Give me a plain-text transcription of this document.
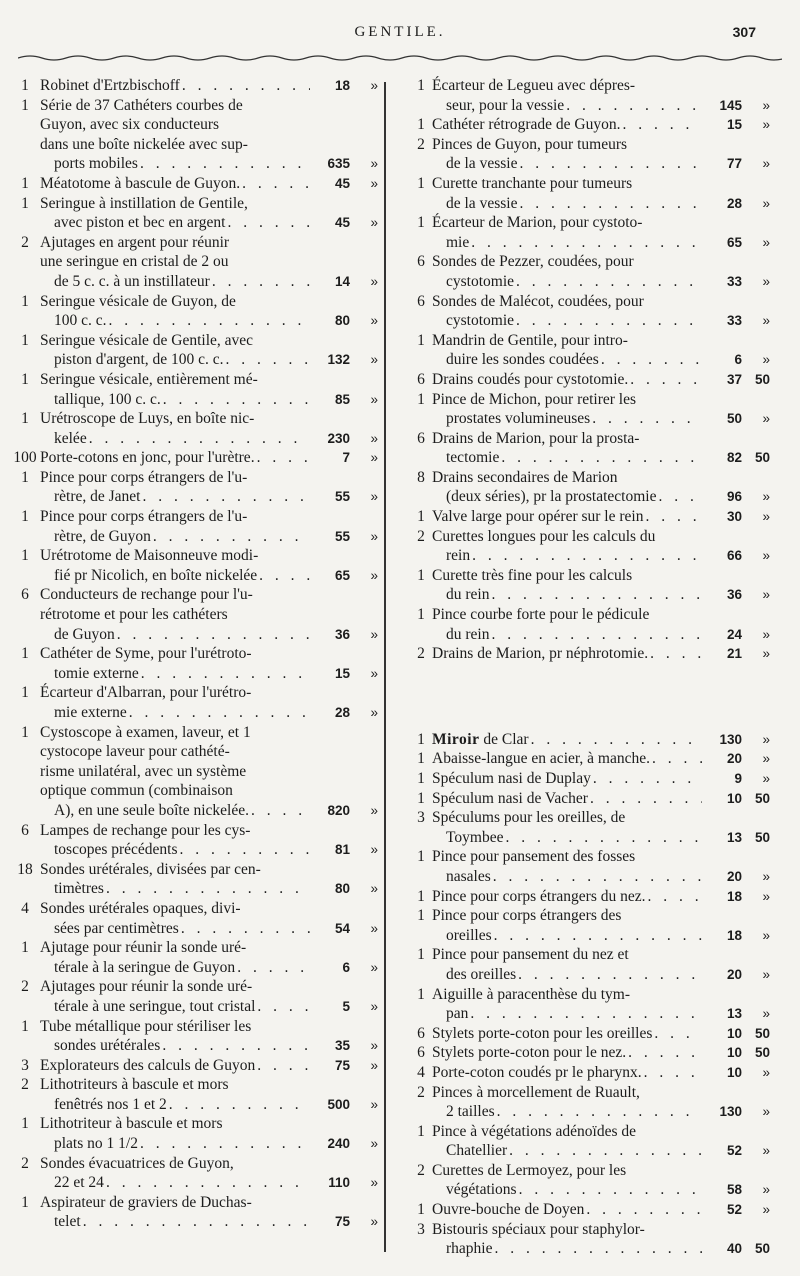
GENTILE.	307
1 Robinet d'Ertzbischoff . . .	18	»
1 Série de 37 Cathéters courbes de
Guyon, avec six conducteurs
dans une boîte nickelée avec sup-
ports mobiles . . .	635	»
1 Méatotome à bascule de Guyon. . . .	45	»
1 Seringue à instillation de Gentile,
avec piston et bec en argent . . .	45	»
2 Ajutages en argent pour réunir
une seringue en cristal de 2 ou
de 5 c. c. à un instillateur . . .	14	»
1 Seringue vésicale de Guyon, de
100 c. c. . . .	80	»
1 Seringue vésicale de Gentile, avec
piston d'argent, de 100 c. c. . . .	132	»
1 Seringue vésicale, entièrement mé-
tallique, 100 c. c. . . .	85	»
1 Urétroscope de Luys, en boîte nic-
kelée . . .	230	»
100 Porte-cotons en jonc, pour l'urètre. . . .	7	»
1 Pince pour corps étrangers de l'u-
rètre, de Janet . . .	55	»
1 Pince pour corps étrangers de l'u-
rètre, de Guyon . . .	55	»
1 Urétrotome de Maisonneuve modi-
fié pr Nicolich, en boîte nickelée . . .	65	»
6 Conducteurs de rechange pour l'u-
rétrotome et pour les cathéters
de Guyon . . .	36	»
1 Cathéter de Syme, pour l'urétroto-
tomie externe . . .	15	»
1 Écarteur d'Albarran, pour l'urétro-
mie externe . . .	28	»
1 Cystoscope à examen, laveur, et 1
cystocope laveur pour cathété-
risme unilatéral, avec un système
optique commun (combinaison
A), en une seule boîte nickelée. . . .	820	»
6 Lampes de rechange pour les cys-
toscopes précédents . . .	81	»
18 Sondes urétérales, divisées par cen-
timètres . . .	80	»
4 Sondes urétérales opaques, divi-
sées par centimètres . . .	54	»
1 Ajutage pour réunir la sonde uré-
térale à la seringue de Guyon . . .	6	»
2 Ajutages pour réunir la sonde uré-
térale à une seringue, tout cristal . . .	5	»
1 Tube métallique pour stériliser les
sondes urétérales . . .	35	»
3 Explorateurs des calculs de Guyon . . .	75	»
2 Lithotriteurs à bascule et mors
fenêtrés nos 1 et 2 . . .	500	»
1 Lithotriteur à bascule et mors
plats no 1 1/2 . . .	240	»
2 Sondes évacuatrices de Guyon,
22 et 24 . . .	110	»
1 Aspirateur de graviers de Duchas-
telet . . .	75	»
1 Écarteur de Legueu avec dépres-
seur, pour la vessie . . .	145	»
1 Cathéter rétrograde de Guyon. . . .	15	»
2 Pinces de Guyon, pour tumeurs
de la vessie . . .	77	»
1 Curette tranchante pour tumeurs
de la vessie . . .	28	»
1 Écarteur de Marion, pour cystoto-
mie . . .	65	»
6 Sondes de Pezzer, coudées, pour
cystotomie . . .	33	»
6 Sondes de Malécot, coudées, pour
cystotomie . . .	33	»
1 Mandrin de Gentile, pour intro-
duire les sondes coudées . . .	6	»
6 Drains coudés pour cystotomie. . . .	37 50
1 Pince de Michon, pour retirer les
prostates volumineuses . . .	50	»
6 Drains de Marion, pour la prosta-
tectomie . . .	82 50
8 Drains secondaires de Marion
(deux séries), pr la prostatectomie . . .	96	»
1 Valve large pour opérer sur le rein . . .	30	»
2 Curettes longues pour les calculs du
rein . . .	66	»
1 Curette très fine pour les calculs
du rein . . .	36	»
1 Pince courbe forte pour le pédicule
du rein . . .	24	»
2 Drains de Marion, pr néphrotomie. . . .	21	»
1 Miroir de Clar . . .	130	»
1 Abaisse-langue en acier, à manche. . . .	20	»
1 Spéculum nasi de Duplay . . .	9	»
1 Spéculum nasi de Vacher . . .	10 50
3 Spéculums pour les oreilles, de
Toymbee . . .	13 50
1 Pince pour pansement des fosses
nasales . . .	20	»
1 Pince pour corps étrangers du nez. . . .	18	»
1 Pince pour corps étrangers des
oreilles . . .	18	»
1 Pince pour pansement du nez et
des oreilles . . .	20	»
1 Aiguille à paracenthèse du tym-
pan . . .	13	»
6 Stylets porte-coton pour les oreilles . . .	10 50
6 Stylets porte-coton pour le nez. . . .	10 50
4 Porte-coton coudés pr le pharynx. . . .	10	»
2 Pinces à morcellement de Ruault,
2 tailles . . .	130	»
1 Pince à végétations adénoïdes de
Chatellier . . .	52	»
2 Curettes de Lermoyez, pour les
végétations . . .	58	»
1 Ouvre-bouche de Doyen . . .	52	»
3 Bistouris spéciaux pour staphylor-
rhaphie . . .	40 50
